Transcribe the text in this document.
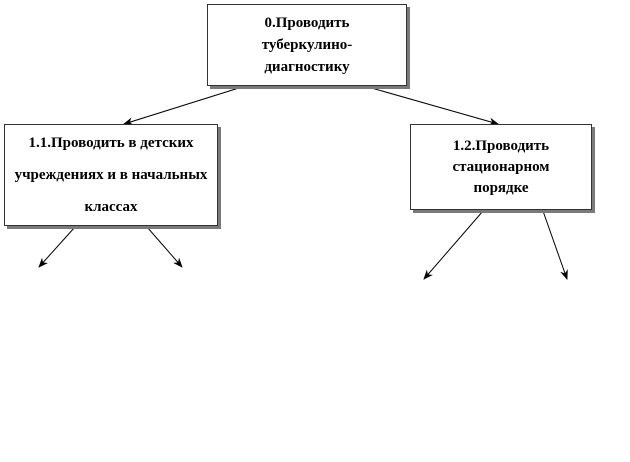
0.Проводить туберкулино-диагностику
1.1.Проводить в детских учреждениях и в начальных классах
1.2.Проводить стационарном порядке
